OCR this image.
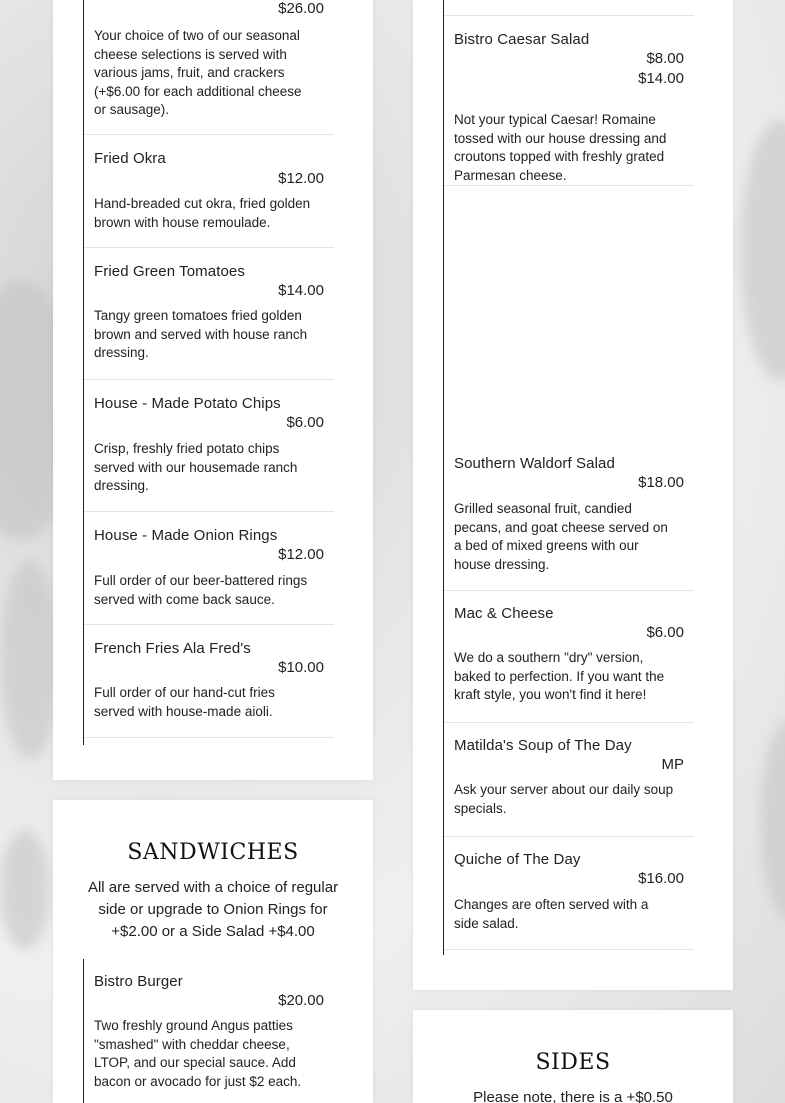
$26.00
Your choice of two of our seasonal cheese selections is served with various jams, fruit, and crackers (+$6.00 for each additional cheese or sausage).
Fried Okra
$12.00
Hand-breaded cut okra, fried golden brown with house remoulade.
Fried Green Tomatoes
$14.00
Tangy green tomatoes fried golden brown and served with house ranch dressing.
House - Made Potato Chips
$6.00
Crisp, freshly fried potato chips served with our housemade ranch dressing.
House - Made Onion Rings
$12.00
Full order of our beer-battered rings served with come back sauce.
French Fries Ala Fred's
$10.00
Full order of our hand-cut fries served with house-made aioli.
SANDWICHES
All are served with a choice of regular side or upgrade to Onion Rings for +$2.00 or a Side Salad +$4.00
Bistro Burger
$20.00
Two freshly ground Angus patties "smashed" with cheddar cheese, LTOP, and our special sauce. Add bacon or avocado for just $2 each.
Bistro Caesar Salad
$8.00
$14.00
Not your typical Caesar! Romaine tossed with our house dressing and croutons topped with freshly grated Parmesan cheese.
Southern Waldorf Salad
$18.00
Grilled seasonal fruit, candied pecans, and goat cheese served on a bed of mixed greens with our house dressing.
Mac & Cheese
$6.00
We do a southern "dry" version, baked to perfection. If you want the kraft style, you won't find it here!
Matilda's Soup of The Day
MP
Ask your server about our daily soup specials.
Quiche of The Day
$16.00
Changes are often served with a side salad.
SIDES
Please note, there is a +$0.50
